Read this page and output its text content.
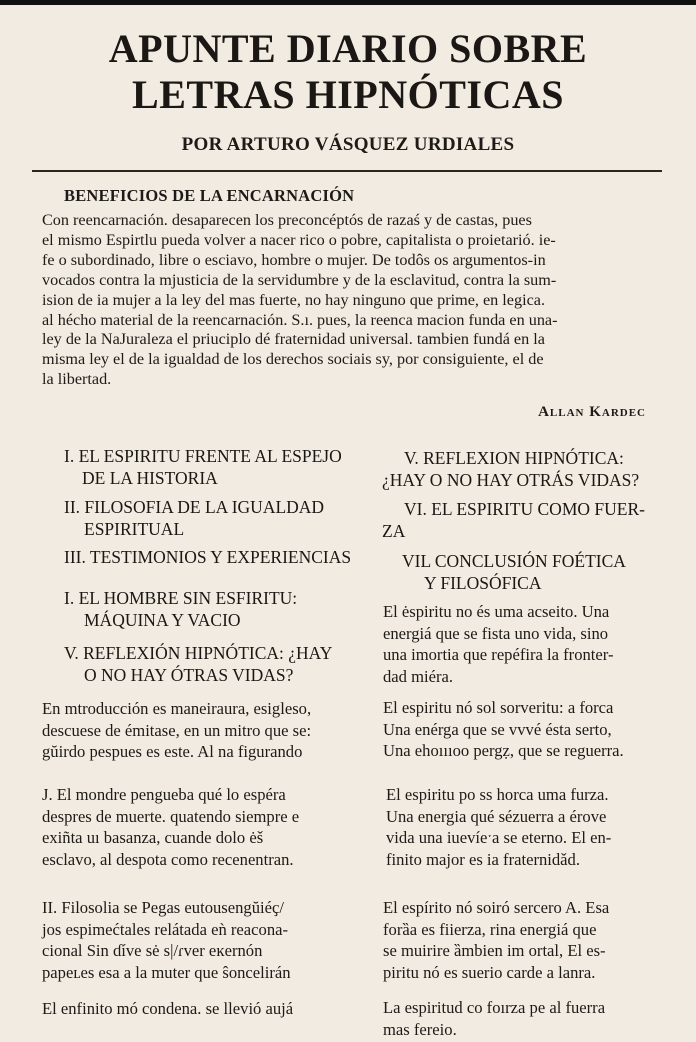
APUNTE DIARIO SOBRE
LETRAS HIPNÓTICAS
POR ARTURO VÁSQUEZ URDIALES
BENEFICIOS DE LA ENCARNACIÓN
Con reencarnación. desaparecen los preconcéptós de razaś y de castas, pues
el mismo Espirtlu pueda volver a nacer rico o pobre, capitalista o proietarió. ie-
fe o subordinado, libre o esciavo, hombre o mujer. De todôs os argumentos-in
vocados contra la mjusticia de la servidumbre y de la esclavitud, contra la sum-
ision de ia mujer a la ley del mas fuerte, no hay ninguno que prime, en legica.
al hécho material de la reencarnación. S.ı. pues, la reenca macion funda en una-
ley de la NaJuraleza el priuciplo dé fraternidad universal. tambien fundá en la
misma ley el de la igualdad de los derechos sociais ѕy, por consiguiente, el de
la libertad.
Allan Kardec
I. EL ESPIRITU FRENTE AL ESPEJO
DE LA HISTORIA
II. FILOSOFIA DE LA IGUALDAD
ESPIRITUAL
III. TESTIMONIOS Y EXPERIENCIAS
I. EL HOMBRE SIN ESFIRITU:
MÁQUINA Y VACIO
V. REFLEXIÓN HIPNÓTICA: ¿HAY
O NO HAY ÓTRAS VIDAS?
V. REFLEXION HIPNÓTICA:
¿HAY O NO HAY OTRÁS VIDAS?
VI. EL ESPIRITU COMO FUER-
ZA
VIL CONCLUSIÓN FOÉTICA
Y FILOSÓFICA
En mtroducción es maneiraura, esigleso,
descuese de émitase, en un mitro que se:
gŭirdo pespues es este. Al na figurando
J. El mondre pengueba qué lo espéra
despres de muerte. quatendo siempre e
exiñta uı basanza, cuande dolo ėš
esclavo, al despota como recenentran.
II. Filosolia se Pegas eutousengŭiéҫ/
jos espimećtales relátada eǹ reacona-
cional Sin ɗíve sė s|/ɾver eĸernón
papeʟes esa a la muter que ŝoncelirán
El enfinito mó condena. se llevió aujá
El ėspiritu no és uma acseito. Una
energiá que se fista uno vida, sino
una imortia que repéfira la fronter-
dad miéra.
El espiritu nó sol sorveritu: a forca
Una enérga que se vvvé ésta serto,
Una ehoıııoo pergẓ, que se reguerra.
El espiritu po ss horca uma furza.
Una energia qué sézuerra a érove
vida una iuevíeˑa se eterno. El en-
finito major es ia fraternidǎd.
El espírito nó soiró sercero A. Esa
forȁa es fiierza, rina energiá que
se muirire ȁmbien im ortal, El es-
piritu nó es suerio carde a lanra.
La espiritud co foırza pe al fuerra
mas fereio.
